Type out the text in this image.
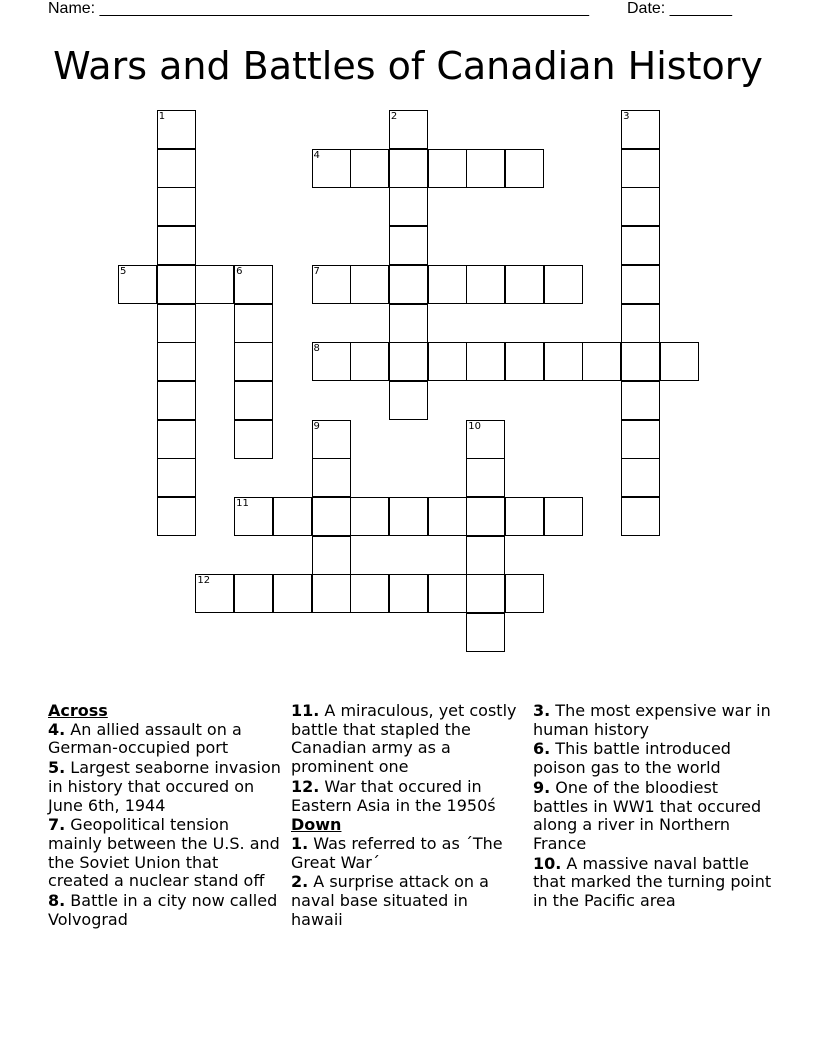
Name: _______________________________________________________ Date: _______
Wars and Battles of Canadian History
1	2	3
4
5	6	7
8
9	10
11
12
Across
4. An allied assault on a German-occupied port
5. Largest seaborne invasion in history that occured on June 6th, 1944
7. Geopolitical tension mainly between the U.S. and the Soviet Union that created a nuclear stand off
8. Battle in a city now called Volvograd
11. A miraculous, yet costly battle that stapled the Canadian army as a prominent one
12. War that occured in Eastern Asia in the 1950ś
Down
1. Was referred to as ´The Great War´
2. A surprise attack on a naval base situated in hawaii
3. The most expensive war in human history
6. This battle introduced poison gas to the world
9. One of the bloodiest battles in WW1 that occured along a river in Northern France
10. A massive naval battle that marked the turning point in the Pacific area
